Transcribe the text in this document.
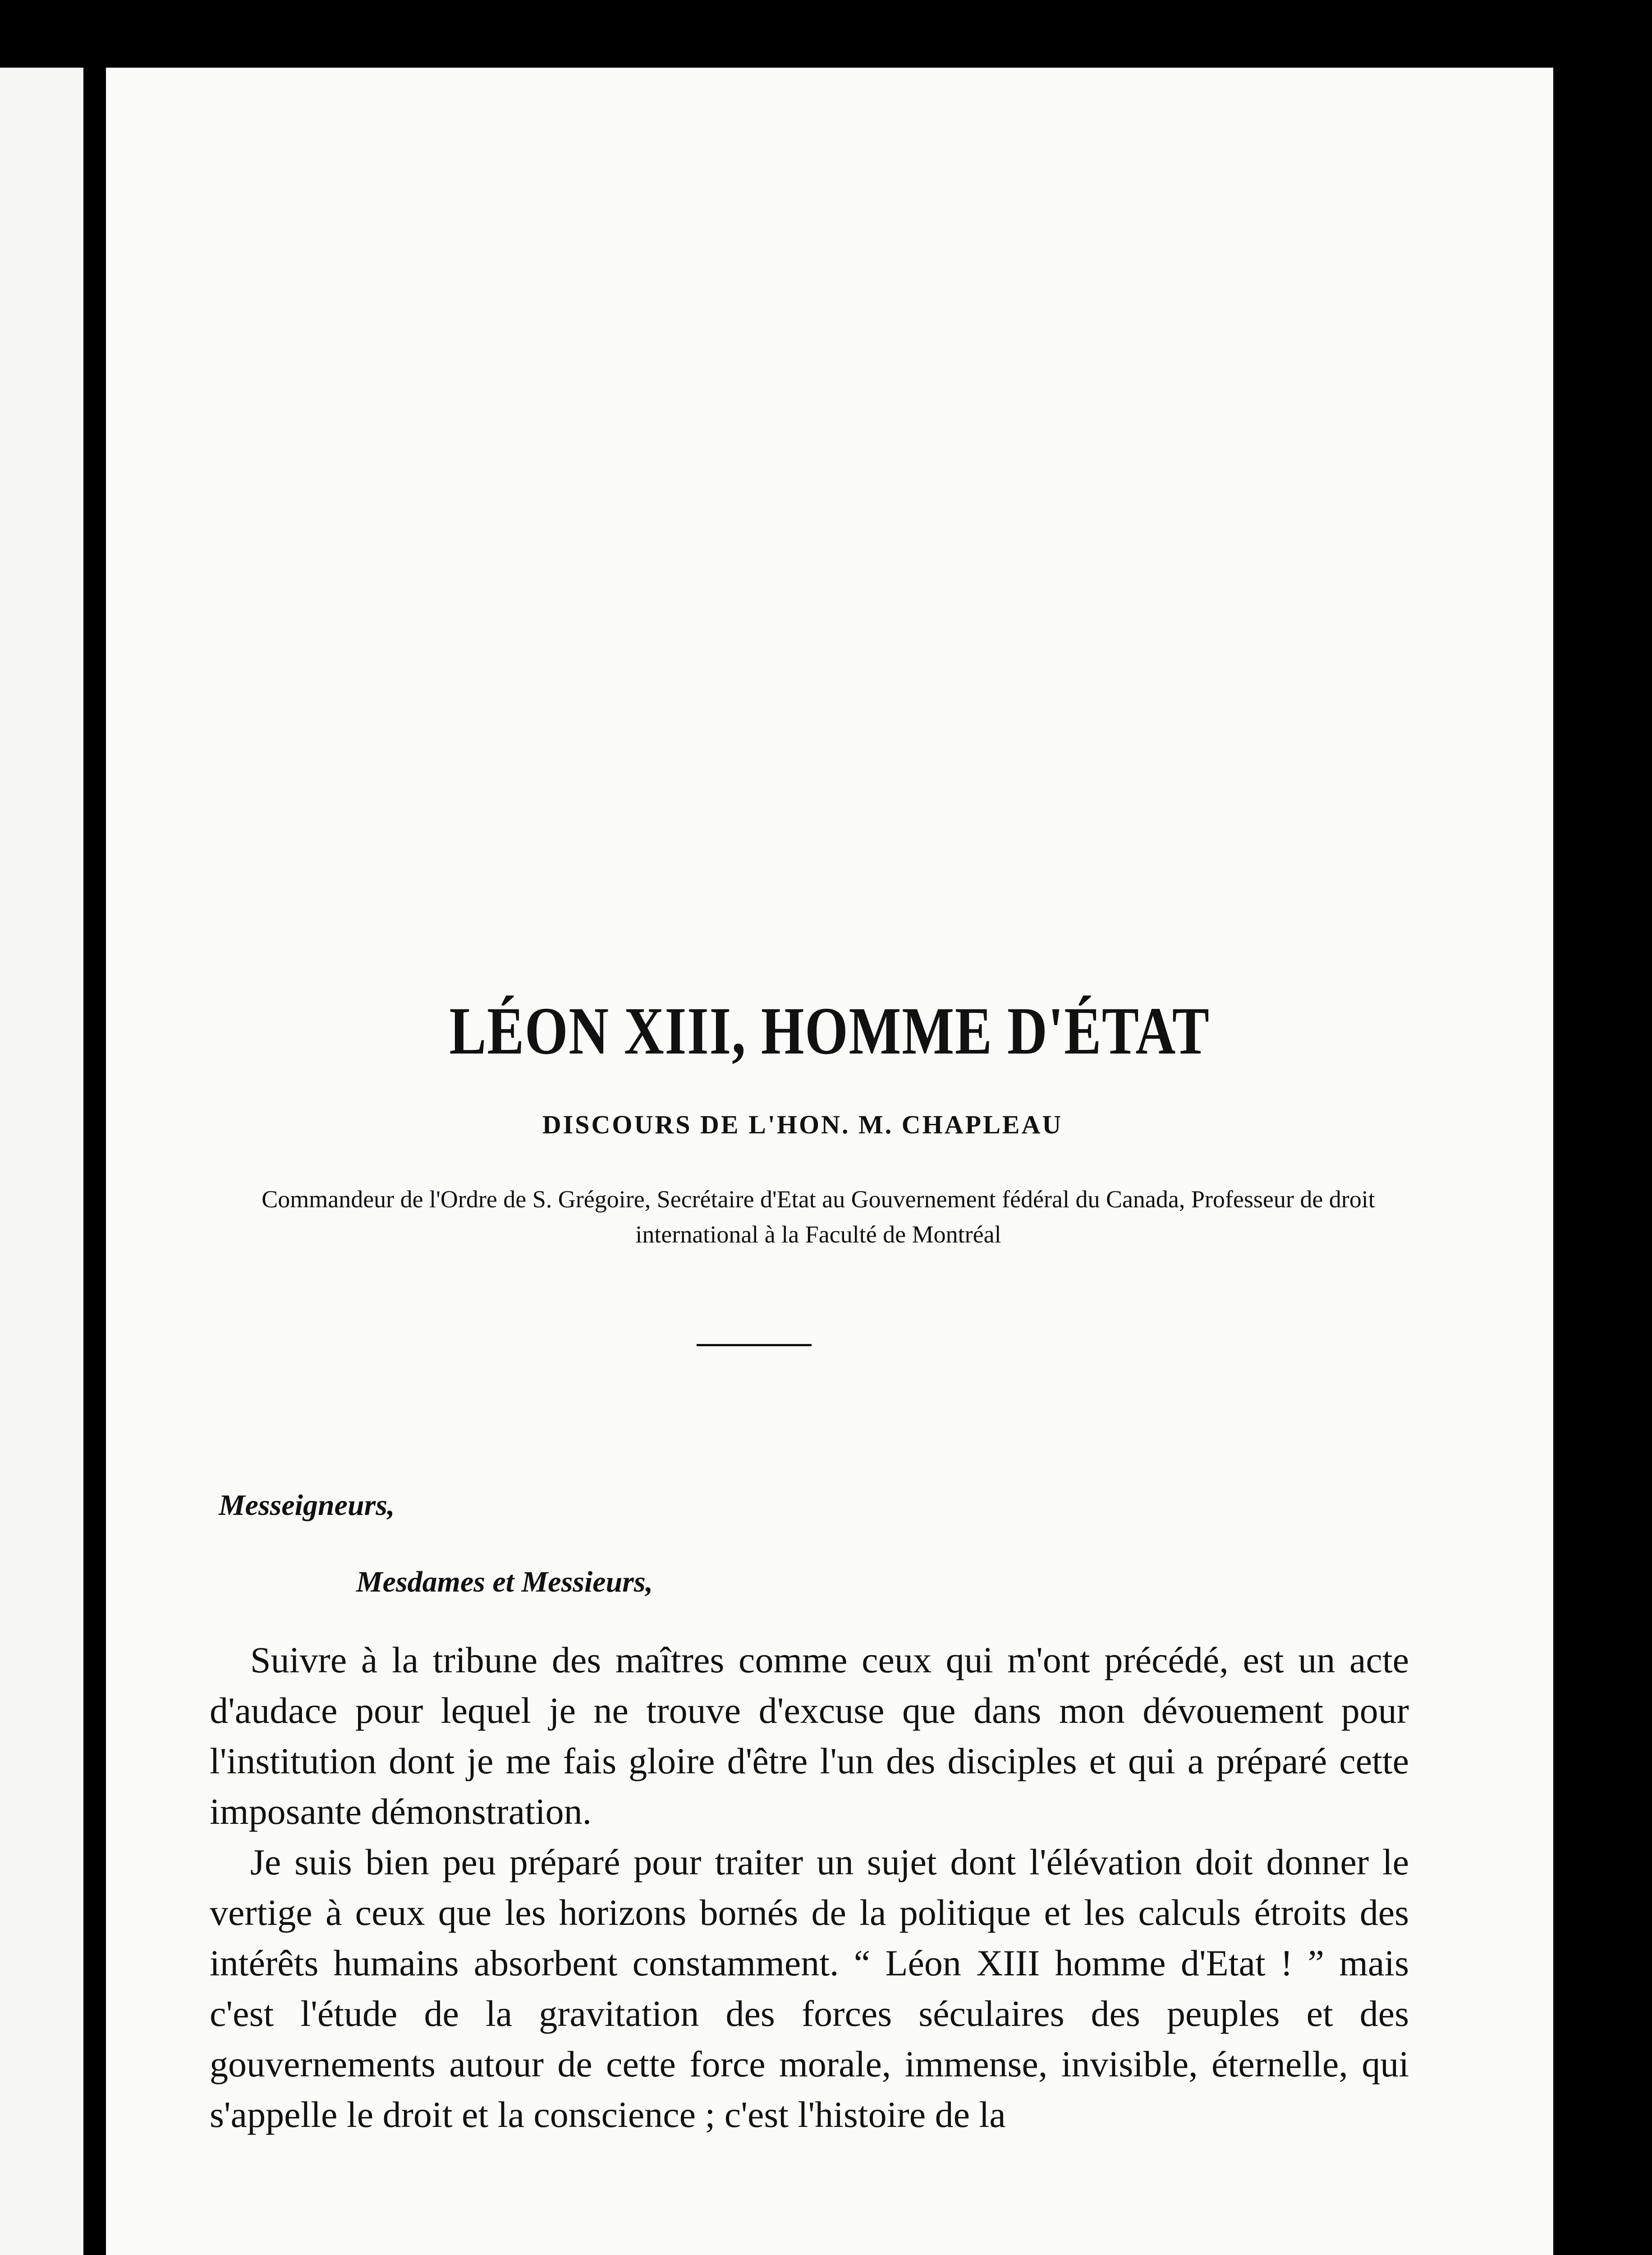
LÉON XIII, HOMME D'ÉTAT
DISCOURS DE L'HON. M. CHAPLEAU
Commandeur de l'Ordre de S. Grégoire, Secrétaire d'Etat au Gouvernement fédéral du Canada, Professeur de droit international à la Faculté de Montréal
Messeigneurs,
Mesdames et Messieurs,

Suivre à la tribune des maîtres comme ceux qui m'ont précédé, est un acte d'audace pour lequel je ne trouve d'excuse que dans mon dévouement pour l'institution dont je me fais gloire d'être l'un des disciples et qui a préparé cette imposante démonstration.

Je suis bien peu préparé pour traiter un sujet dont l'élévation doit donner le vertige à ceux que les horizons bornés de la politique et les calculs étroits des intérêts humains absorbent constamment. “ Léon XIII homme d'Etat ! ” mais c'est l'étude de la gravitation des forces séculaires des peuples et des gouvernements autour de cette force morale, immense, invisible, éternelle, qui s'appelle le droit et la conscience ; c'est l'histoire de la
